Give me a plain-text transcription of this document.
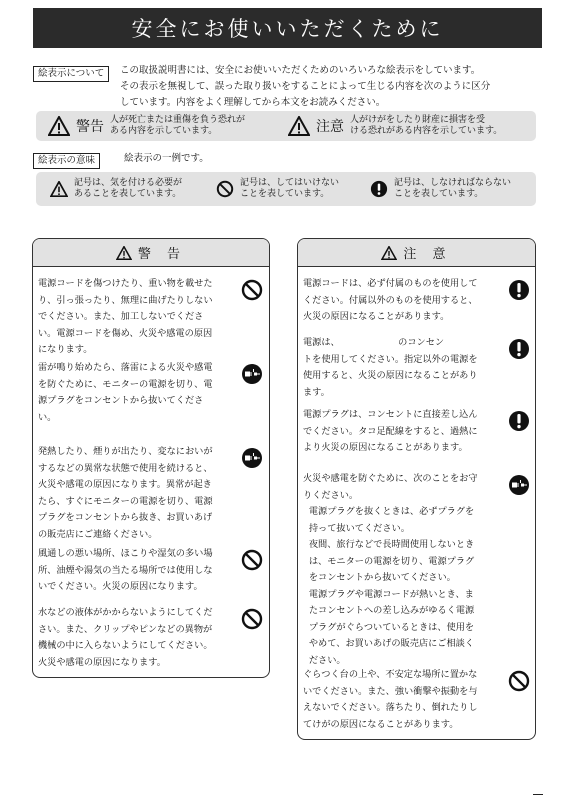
安全にお使いいただくために
絵表示について	この取扱説明書には、安全にお使いいただくためのいろいろな絵表示をしています。
その表示を無視して、誤った取り扱いをすることによって生じる内容を次のように区分
しています。内容をよく理解してから本文をお読みください。
警告 人が死亡または重傷を負う恐れが
ある内容を示しています。	注意 人がけがをしたり財産に損害を受
ける恐れがある内容を示しています。
絵表示の意味	絵表示の一例です。
記号は、気を付ける必要が
あることを表しています。
記号は、してはいけない
ことを表しています。
記号は、しなければならない
ことを表しています。
警 告
電源コードを傷つけたり、重い物を載せた
り、引っ張ったり、無理に曲げたりしない
でください。また、加工しないでくださ
い。電源コードを傷め、火災や感電の原因
になります。
雷が鳴り始めたら、落雷による火災や感電
を防ぐために、モニターの電源を切り、電
源プラグをコンセントから抜いてくださ
い。
発熱したり、煙りが出たり、変なにおいが
するなどの異常な状態で使用を続けると、
火災や感電の原因になります。異常が起き
たら、すぐにモニターの電源を切り、電源
プラグをコンセントから抜き、お買いあげ
の販売店にご連絡ください。
風通しの悪い場所、ほこりや湿気の多い場
所、油煙や湯気の当たる場所では使用しな
いでください。火災の原因になります。
水などの液体がかからないようにしてくだ
さい。また、クリップやピンなどの異物が
機械の中に入らないようにしてください。
火災や感電の原因になります。
注 意
電源コードは、必ず付属のものを使用して
ください。付属以外のものを使用すると、
火災の原因になることがあります。
電源は、                    のコンセン
トを使用してください。指定以外の電源を
使用すると、火災の原因になることがあり
ます。
電源プラグは、コンセントに直接差し込ん
でください。タコ足配線をすると、過熱に
より火災の原因になることがあります。
火災や感電を防ぐために、次のことをお守
りください。
電源プラグを抜くときは、必ずプラグを
持って抜いてください。
夜間、旅行などで長時間使用しないとき
は、モニターの電源を切り、電源プラグ
をコンセントから抜いてください。
電源プラグや電源コードが熱いとき、ま
たコンセントへの差し込みがゆるく電源
プラグがぐらついているときは、使用を
やめて、お買いあげの販売店にご相談く
ださい。
ぐらつく台の上や、不安定な場所に置かな
いでください。また、強い衝撃や振動を与
えないでください。落ちたり、倒れたりし
てけがの原因になることがあります。
